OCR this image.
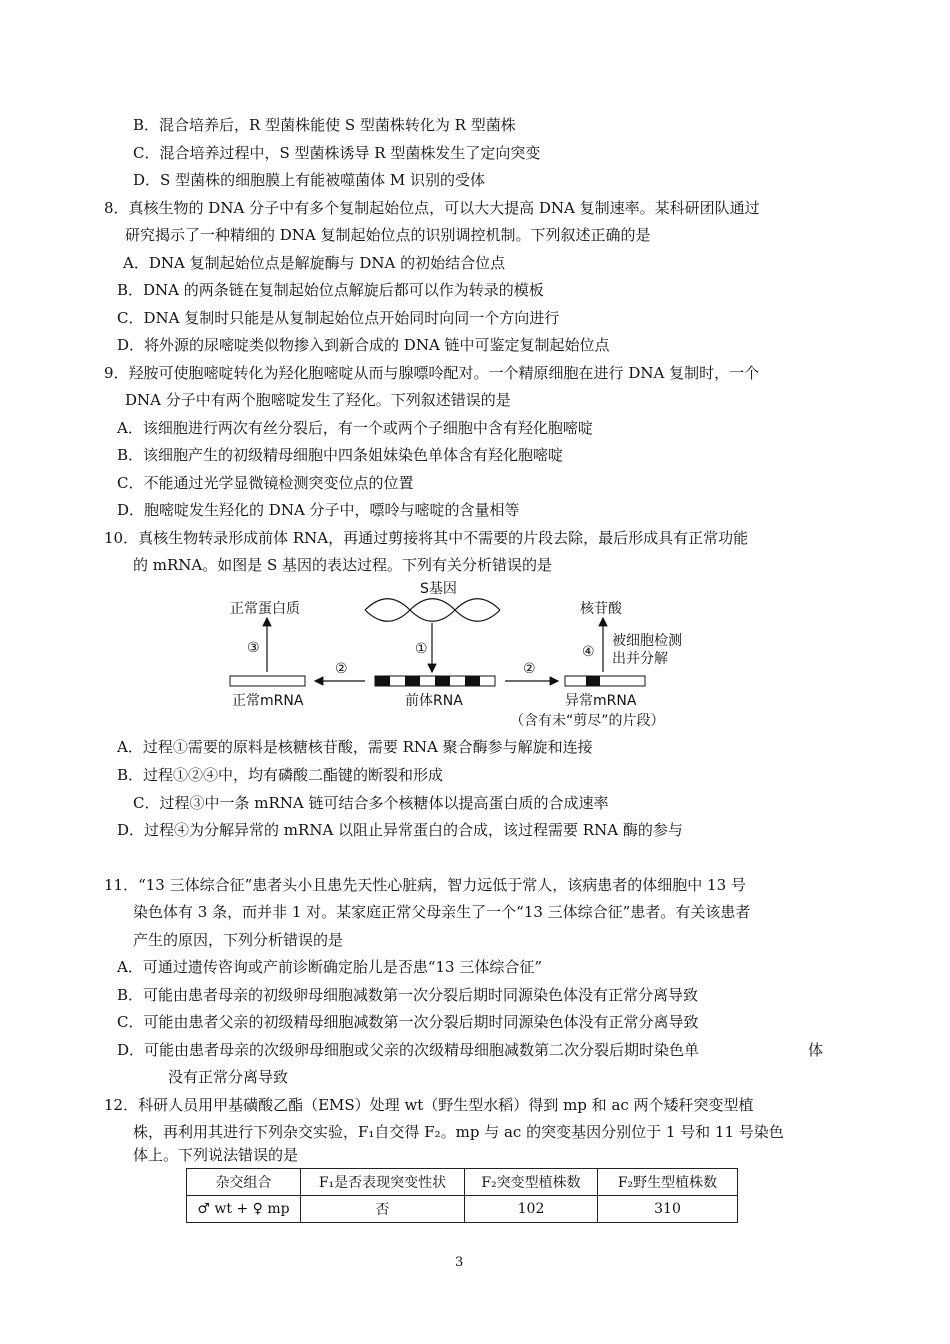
B．混合培养后，R 型菌株能使 S 型菌株转化为 R 型菌株
C．混合培养过程中，S 型菌株诱导 R 型菌株发生了定向突变
D．S 型菌株的细胞膜上有能被噬菌体 M 识别的受体
8．真核生物的 DNA 分子中有多个复制起始位点，可以大大提高 DNA 复制速率。某科研团队通过
研究揭示了一种精细的 DNA 复制起始位点的识别调控机制。下列叙述正确的是
A．DNA 复制起始位点是解旋酶与 DNA 的初始结合位点
B．DNA 的两条链在复制起始位点解旋后都可以作为转录的模板
C．DNA 复制时只能是从复制起始位点开始同时向同一个方向进行
D．将外源的尿嘧啶类似物掺入到新合成的 DNA 链中可鉴定复制起始位点
9．羟胺可使胞嘧啶转化为羟化胞嘧啶从而与腺嘌呤配对。一个精原细胞在进行 DNA 复制时，一个
DNA 分子中有两个胞嘧啶发生了羟化。下列叙述错误的是
A．该细胞进行两次有丝分裂后，有一个或两个子细胞中含有羟化胞嘧啶
B．该细胞产生的初级精母细胞中四条姐妹染色单体含有羟化胞嘧啶
C．不能通过光学显微镜检测突变位点的位置
D．胞嘧啶发生羟化的 DNA 分子中，嘌呤与嘧啶的含量相等
10．真核生物转录形成前体 RNA，再通过剪接将其中不需要的片段去除，最后形成具有正常功能
的 mRNA。如图是 S 基因的表达过程。下列有关分析错误的是
S基因
①
前体RNA
②
正常mRNA
③
正常蛋白质
②
异常mRNA
（含有未“剪尽”的片段）
④
核苷酸
被细胞检测
出并分解
A．过程①需要的原料是核糖核苷酸，需要 RNA 聚合酶参与解旋和连接
B．过程①②④中，均有磷酸二酯键的断裂和形成
C．过程③中一条 mRNA 链可结合多个核糖体以提高蛋白质的合成速率
D．过程④为分解异常的 mRNA 以阻止异常蛋白的合成，该过程需要 RNA 酶的参与
11．“13 三体综合征”患者头小且患先天性心脏病，智力远低于常人，该病患者的体细胞中 13 号
染色体有 3 条，而并非 1 对。某家庭正常父母亲生了一个“13 三体综合征”患者。有关该患者
产生的原因，下列分析错误的是
A．可通过遗传咨询或产前诊断确定胎儿是否患“13 三体综合征”
B．可能由患者母亲的初级卵母细胞减数第一次分裂后期时同源染色体没有正常分离导致
C．可能由患者父亲的初级精母细胞减数第一次分裂后期时同源染色体没有正常分离导致
D．可能由患者母亲的次级卵母细胞或父亲的次级精母细胞减数第二次分裂后期时染色单	体
没有正常分离导致
12．科研人员用甲基磺酸乙酯（EMS）处理 wt（野生型水稻）得到 mp 和 ac 两个矮秆突变型植
株，再利用其进行下列杂交实验，F₁自交得 F₂。mp 与 ac 的突变基因分别位于 1 号和 11 号染色
体上。下列说法错误的是
杂交组合	F₁是否表现突变性状	F₂突变型植株数	F₂野生型植株数
♂ wt + ♀ mp	否	102	310
3
